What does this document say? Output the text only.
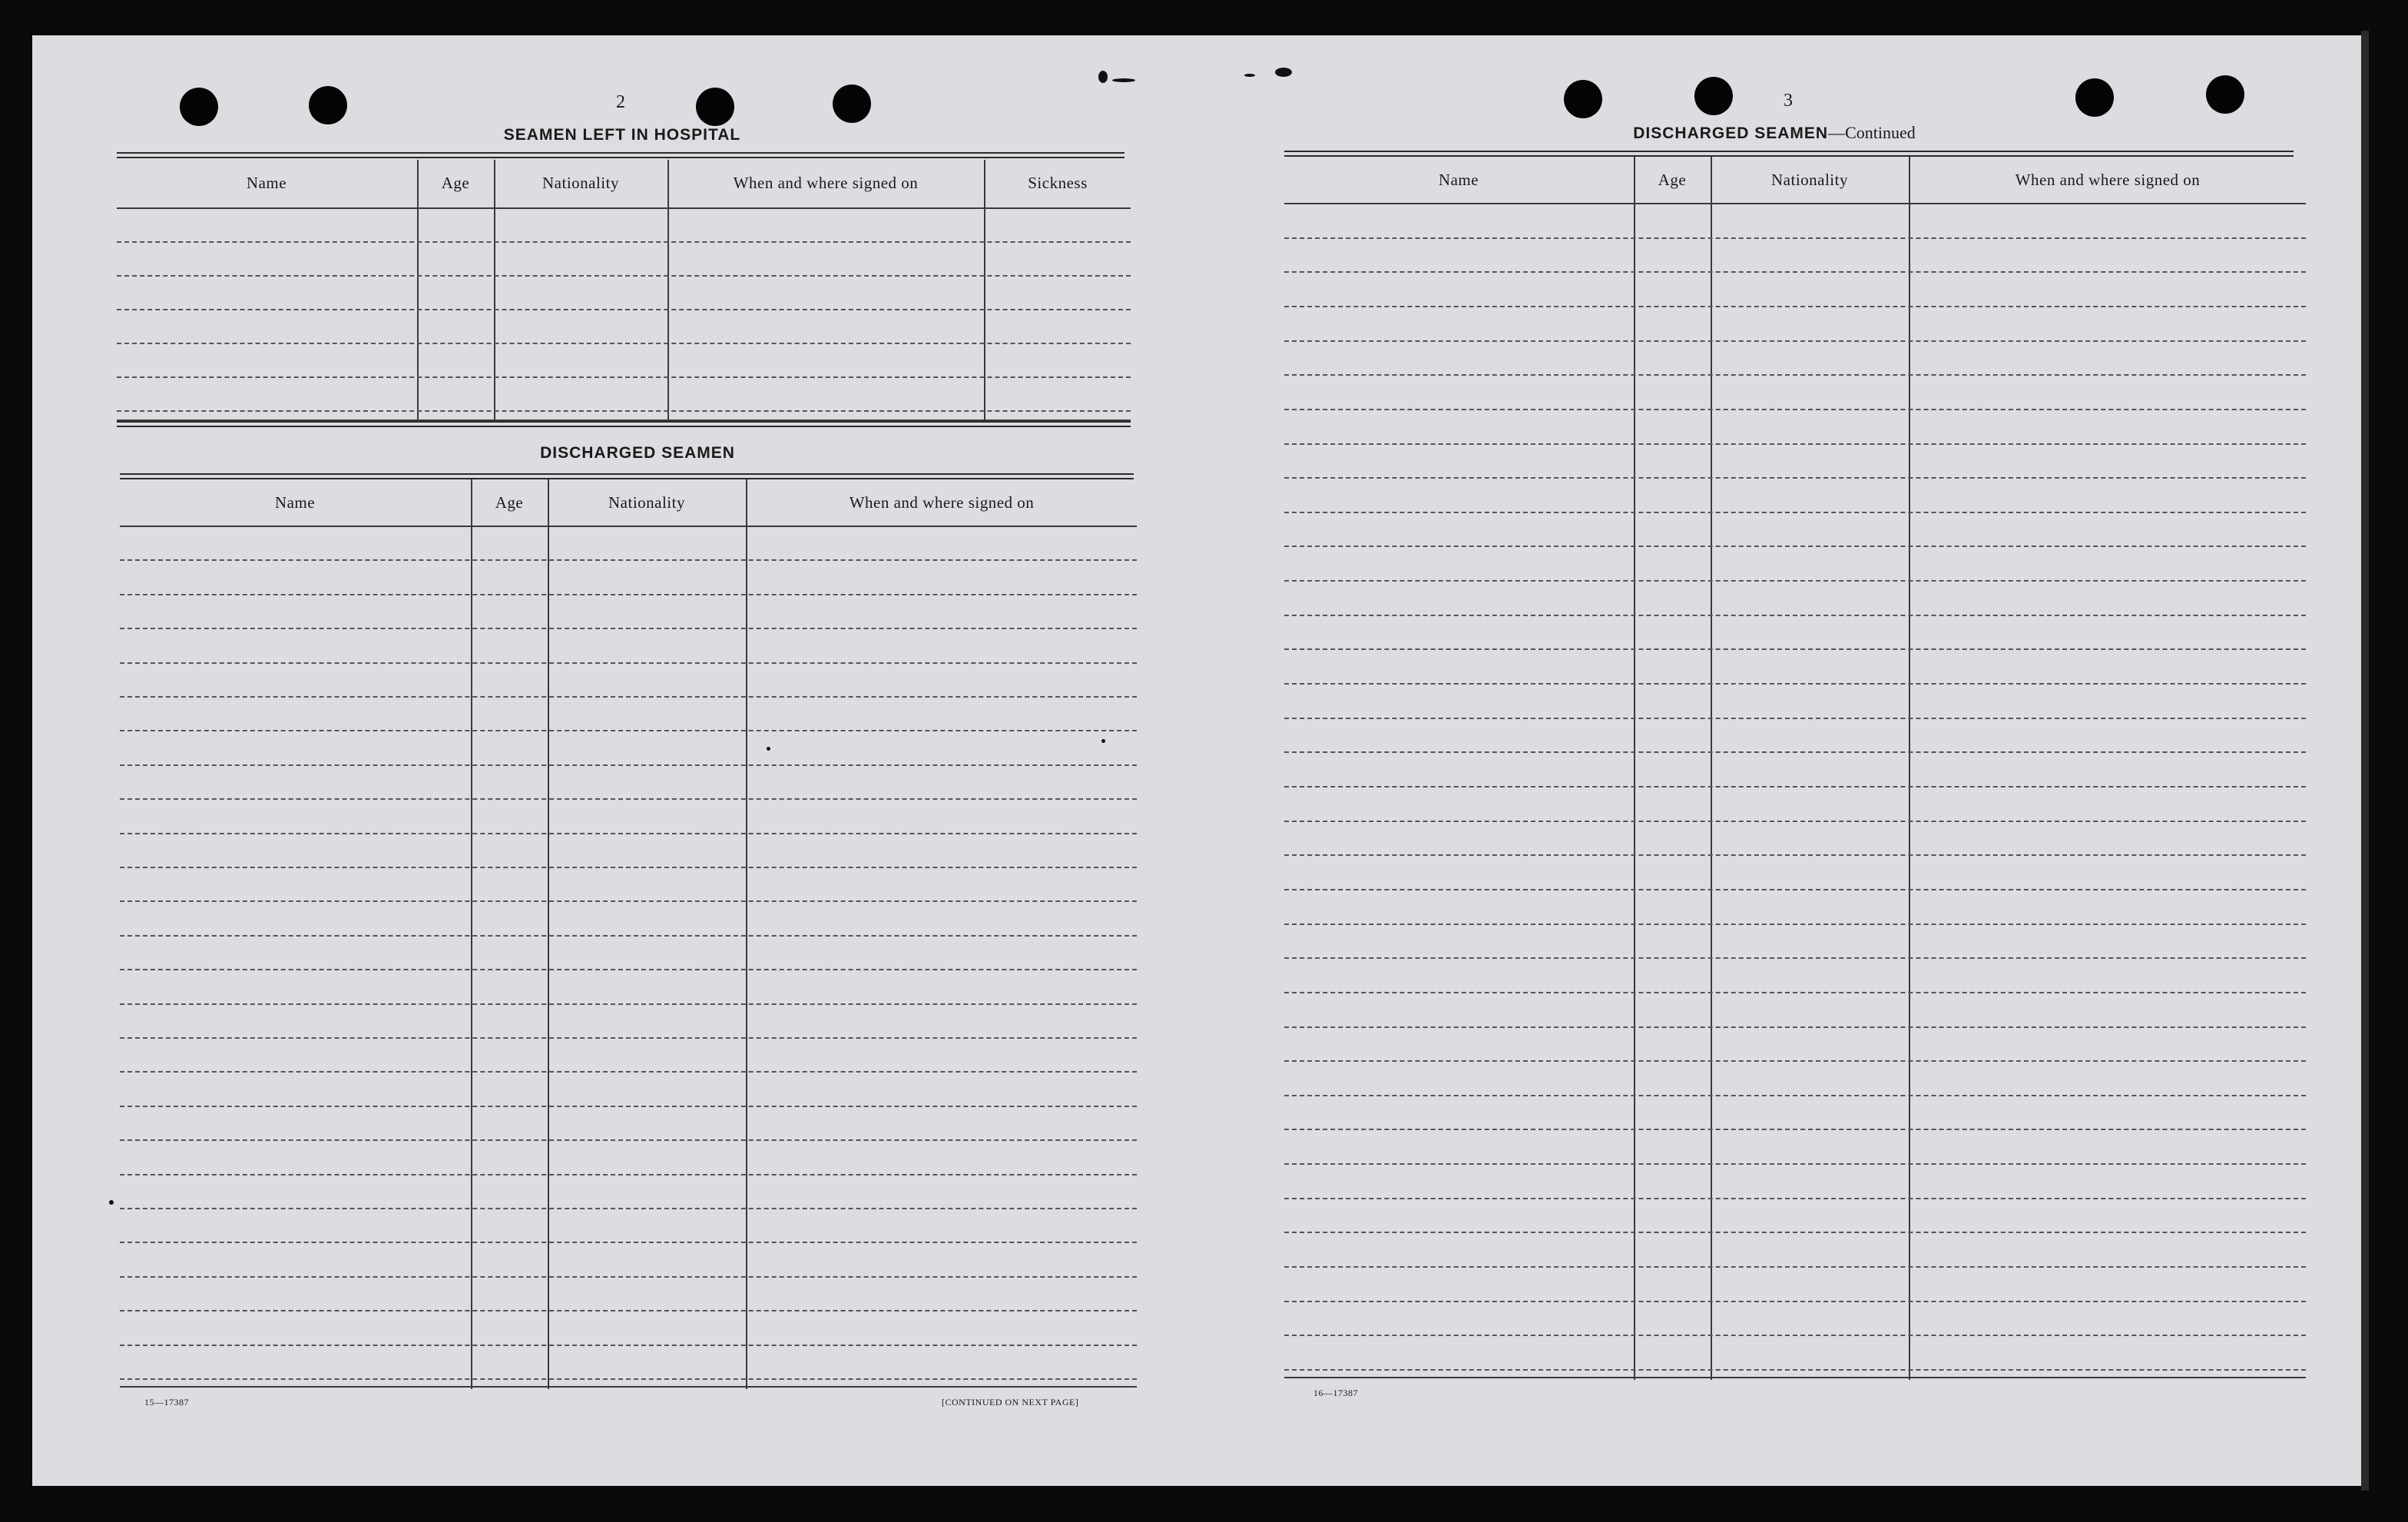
2
SEAMEN LEFT IN HOSPITAL
Name	Age	Nationality	When and where signed on	Sickness
DISCHARGED SEAMEN
Name	Age	Nationality	When and where signed on
15—17387	[CONTINUED ON NEXT PAGE]
3
DISCHARGED SEAMEN—Continued
Name	Age	Nationality	When and where signed on
16—17387
